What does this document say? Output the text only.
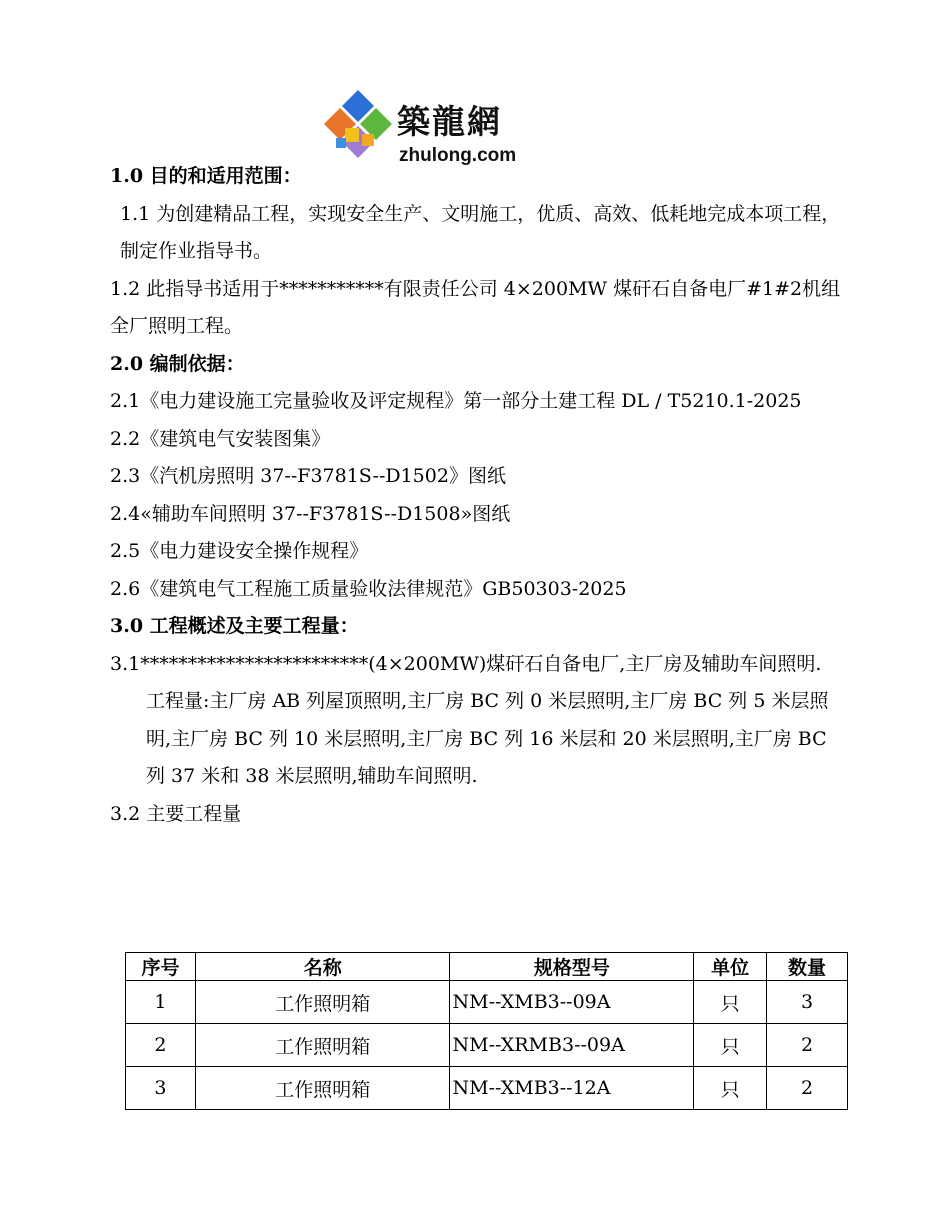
築龍網
zhulong.com
1.0 目的和适用范围：
1.1 为创建精品工程，实现安全生产、文明施工，优质、高效、低耗地完成本项工程，制定作业指导书。
1.2 此指导书适用于***********有限责任公司 4×200MW 煤矸石自备电厂#1#2机组全厂照明工程。
2.0 编制依据：
2.1《电力建设施工完量验收及评定规程》第一部分土建工程 DL / T5210.1-2025
2.2《建筑电气安装图集》
2.3《汽机房照明 37--F3781S--D1502》图纸
2.4«辅助车间照明 37--F3781S--D1508»图纸
2.5《电力建设安全操作规程》
2.6《建筑电气工程施工质量验收法律规范》GB50303-2025
3.0 工程概述及主要工程量：
3.1************************(4×200MW)煤矸石自备电厂,主厂房及辅助车间照明.
工程量:主厂房 AB 列屋顶照明,主厂房 BC 列 0 米层照明,主厂房 BC 列 5 米层照明,主厂房 BC 列 10 米层照明,主厂房 BC 列 16 米层和 20 米层照明,主厂房 BC 列 37 米和 38 米层照明,辅助车间照明.
3.2 主要工程量
序号	名称	规格型号	单位	数量
1	工作照明箱	NM--XMB3--09A	只	3
2	工作照明箱	NM--XRMB3--09A	只	2
3	工作照明箱	NM--XMB3--12A	只	2
